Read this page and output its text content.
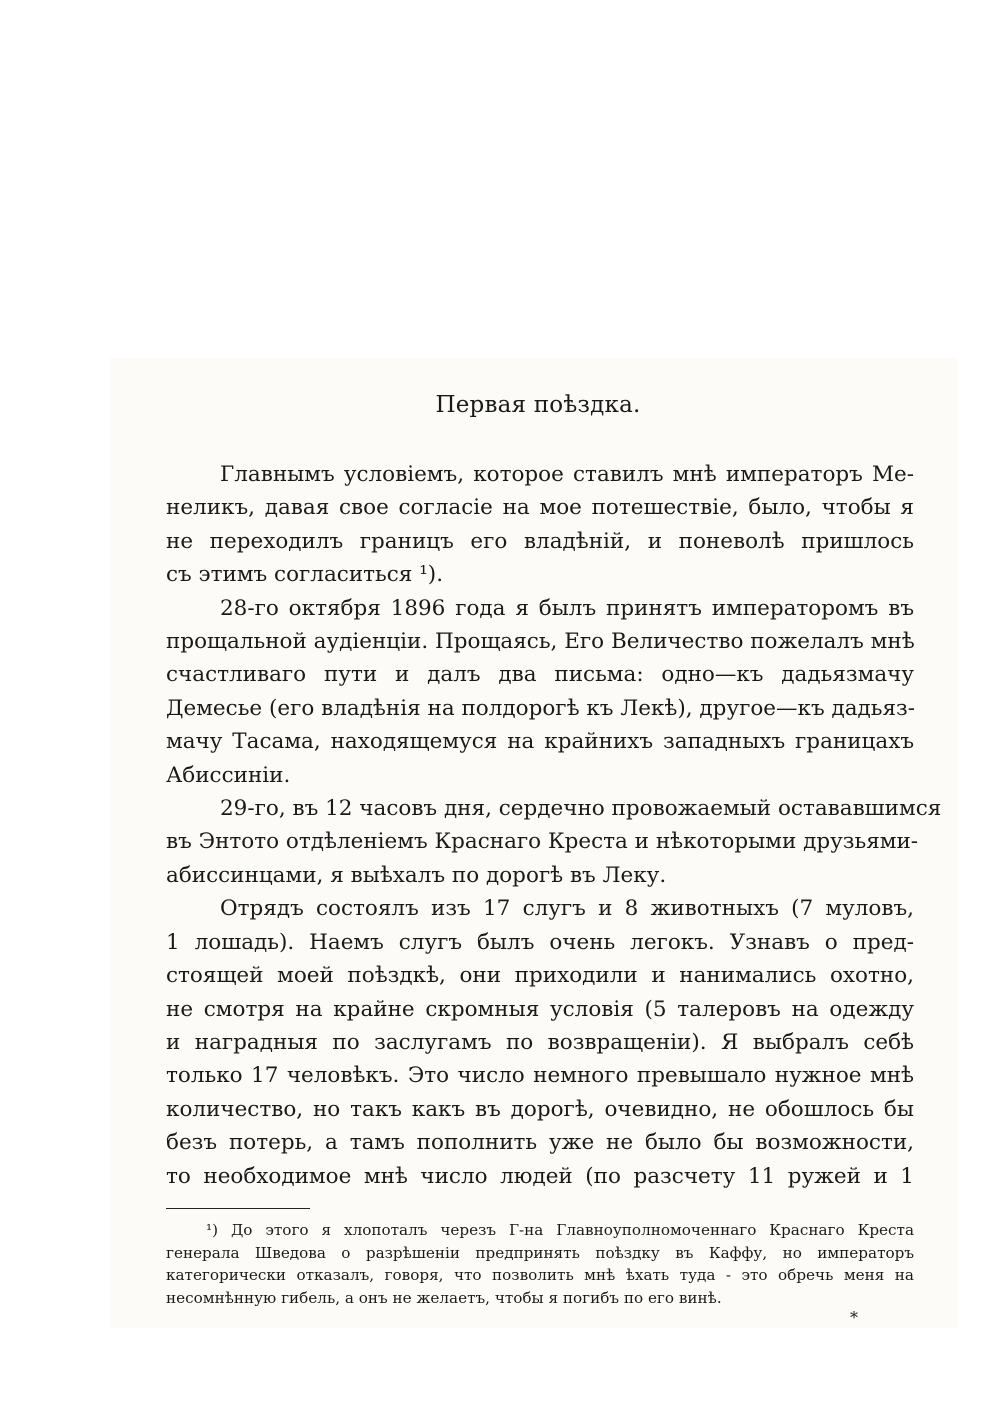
Первая поѣздка.
Главнымъ условіемъ, которое ставилъ мнѣ императоръ Ме-
неликъ, давая свое согласіе на мое потешествіе, было, чтобы я
не переходилъ границъ его владѣній, и поневолѣ пришлось
съ этимъ согласиться ¹).
28-го октября 1896 года я былъ принятъ императоромъ въ
прощальной аудіенціи. Прощаясь, Его Величество пожелалъ мнѣ
счастливаго пути и далъ два письма: одно—къ дадьязмачу
Демесье (его владѣнія на полдорогѣ къ Лекѣ), другое—къ дадьяз-
мачу Тасама, находящемуся на крайнихъ западныхъ границахъ
Абиссиніи.
29-го, въ 12 часовъ дня, сердечно провожаемый остававшимся
въ Энтото отдѣленіемъ Краснаго Креста и нѣкоторыми друзьями-
абиссинцами, я выѣхалъ по дорогѣ въ Леку.
Отрядъ состоялъ изъ 17 слугъ и 8 животныхъ (7 муловъ,
1 лошадь). Наемъ слугъ былъ очень легокъ. Узнавъ о пред-
стоящей моей поѣздкѣ, они приходили и нанимались охотно,
не смотря на крайне скромныя условія (5 талеровъ на одежду
и наградныя по заслугамъ по возвращеніи). Я выбралъ себѣ
только 17 человѣкъ. Это число немного превышало нужное мнѣ
количество, но такъ какъ въ дорогѣ, очевидно, не обошлось бы
безъ потерь, а тамъ пополнить уже не было бы возможности,
то необходимое мнѣ число людей (по разсчету 11 ружей и 1
¹) До этого я хлопоталъ черезъ Г-на Главноуполномоченнаго Краснаго Креста
генерала Шведова о разрѣшеніи предпринять поѣздку въ Каффу, но императоръ
категорически отказалъ, говоря, что позволить мнѣ ѣхать туда - это обречь меня на
несомнѣнную гибель, а онъ не желаетъ, чтобы я погибъ по его винѣ.
*
